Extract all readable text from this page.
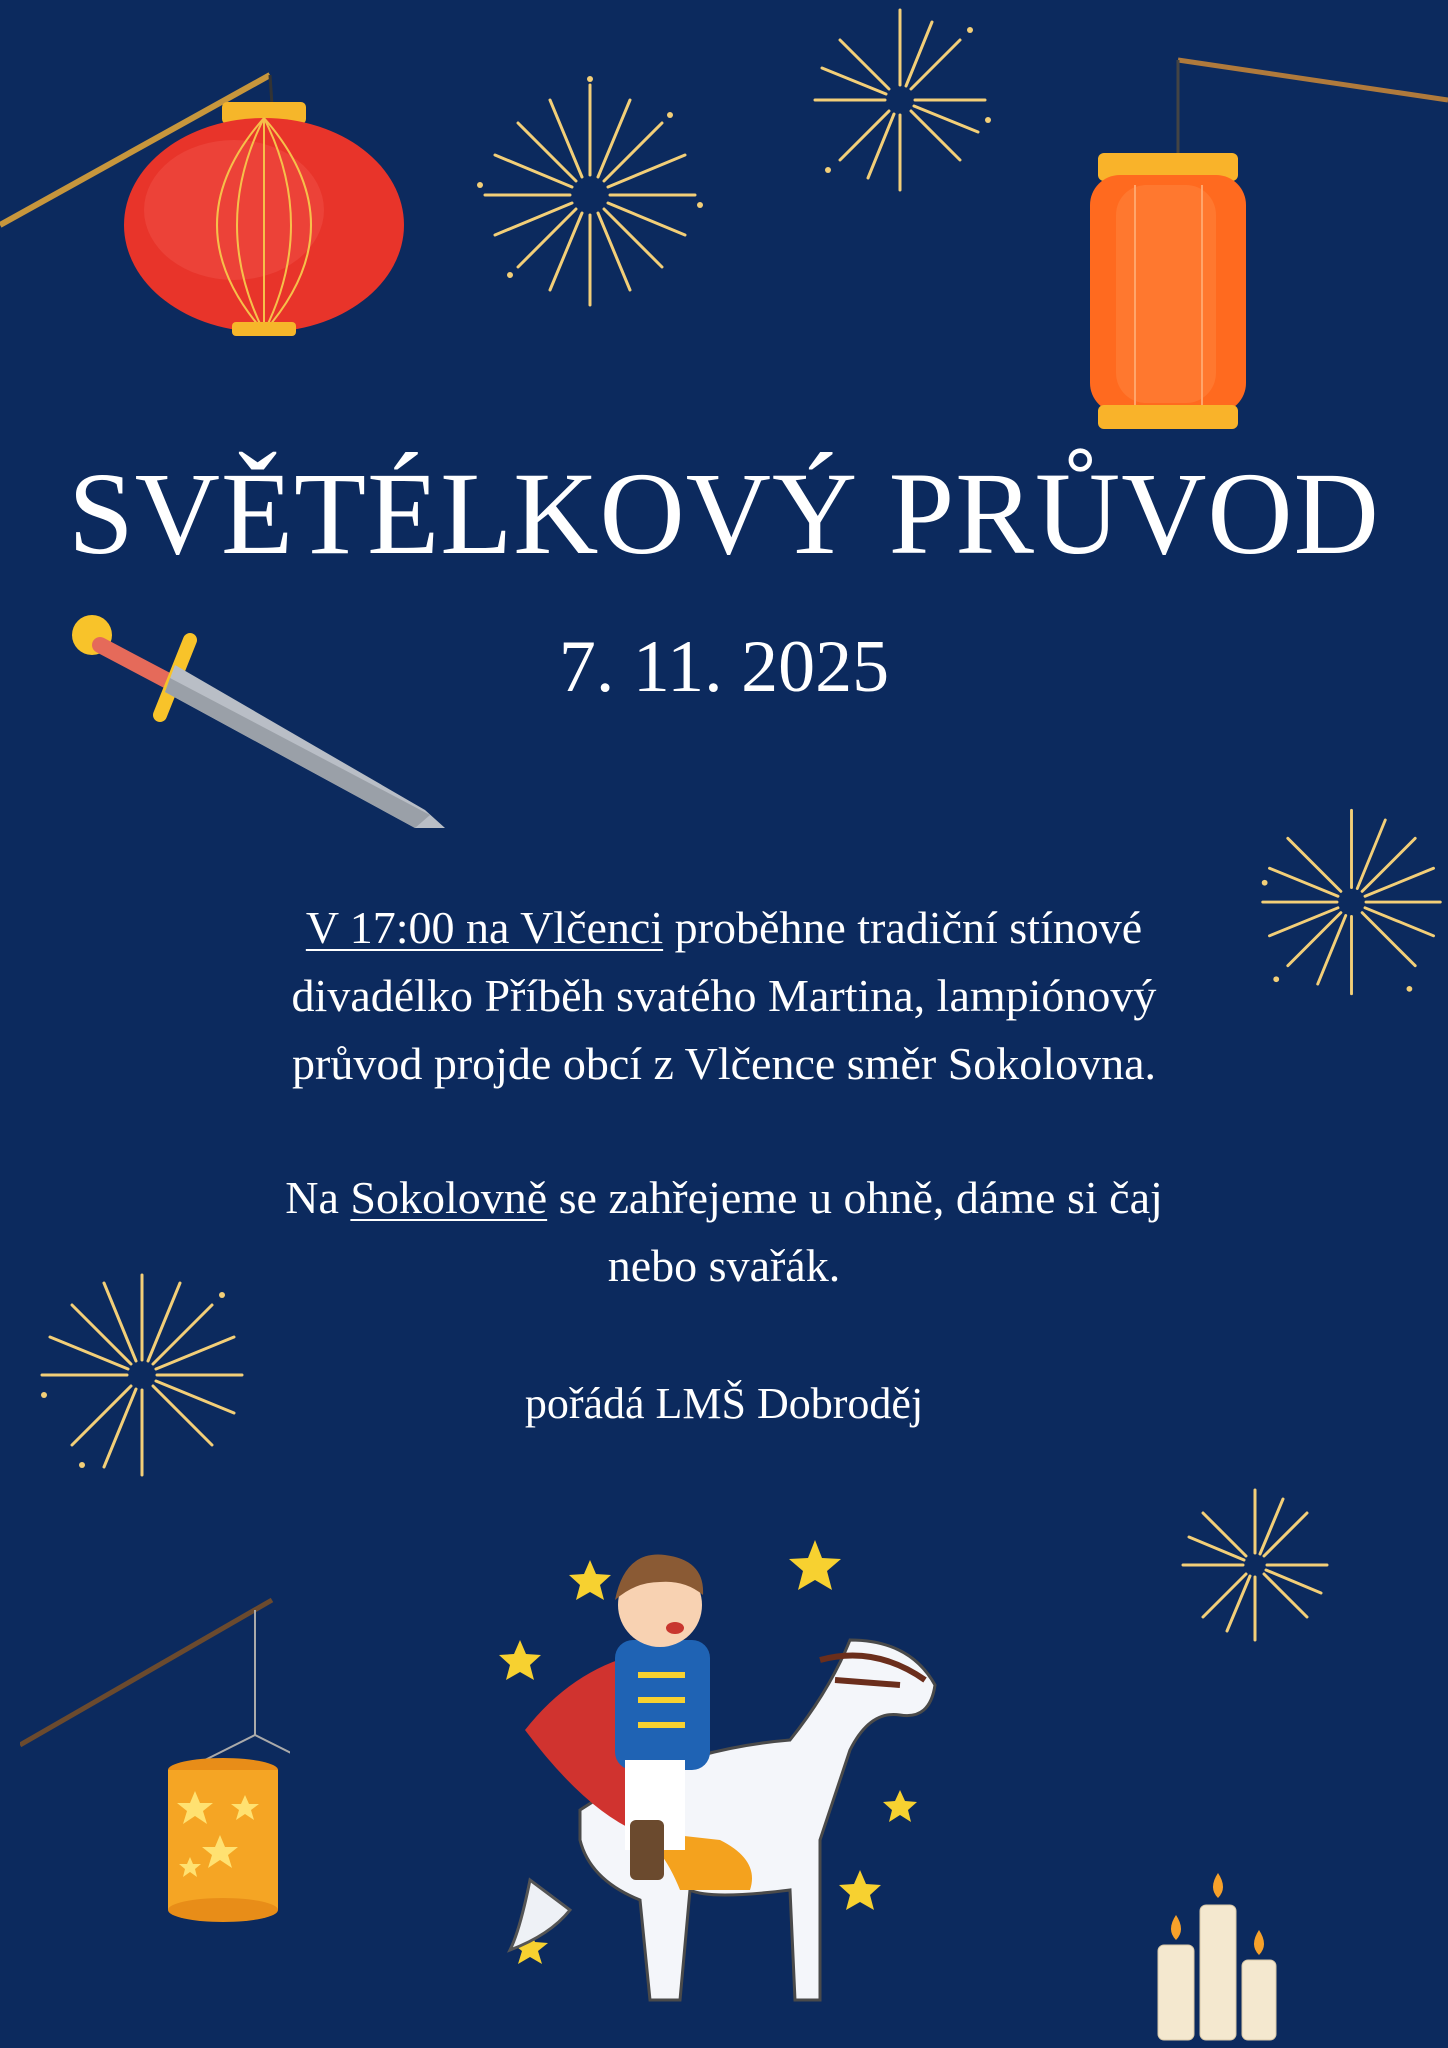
SVĚTÉLKOVÝ PRŮVOD
7. 11. 2025
V 17:00 na Vlčenci proběhne tradiční stínové
divadélko Příběh svatého Martina, lampiónový
průvod projde obcí z Vlčence směr Sokolovna.
Na Sokolovně se zahřejeme u ohně, dáme si čaj
nebo svařák.
pořádá LMŠ Dobroděj
